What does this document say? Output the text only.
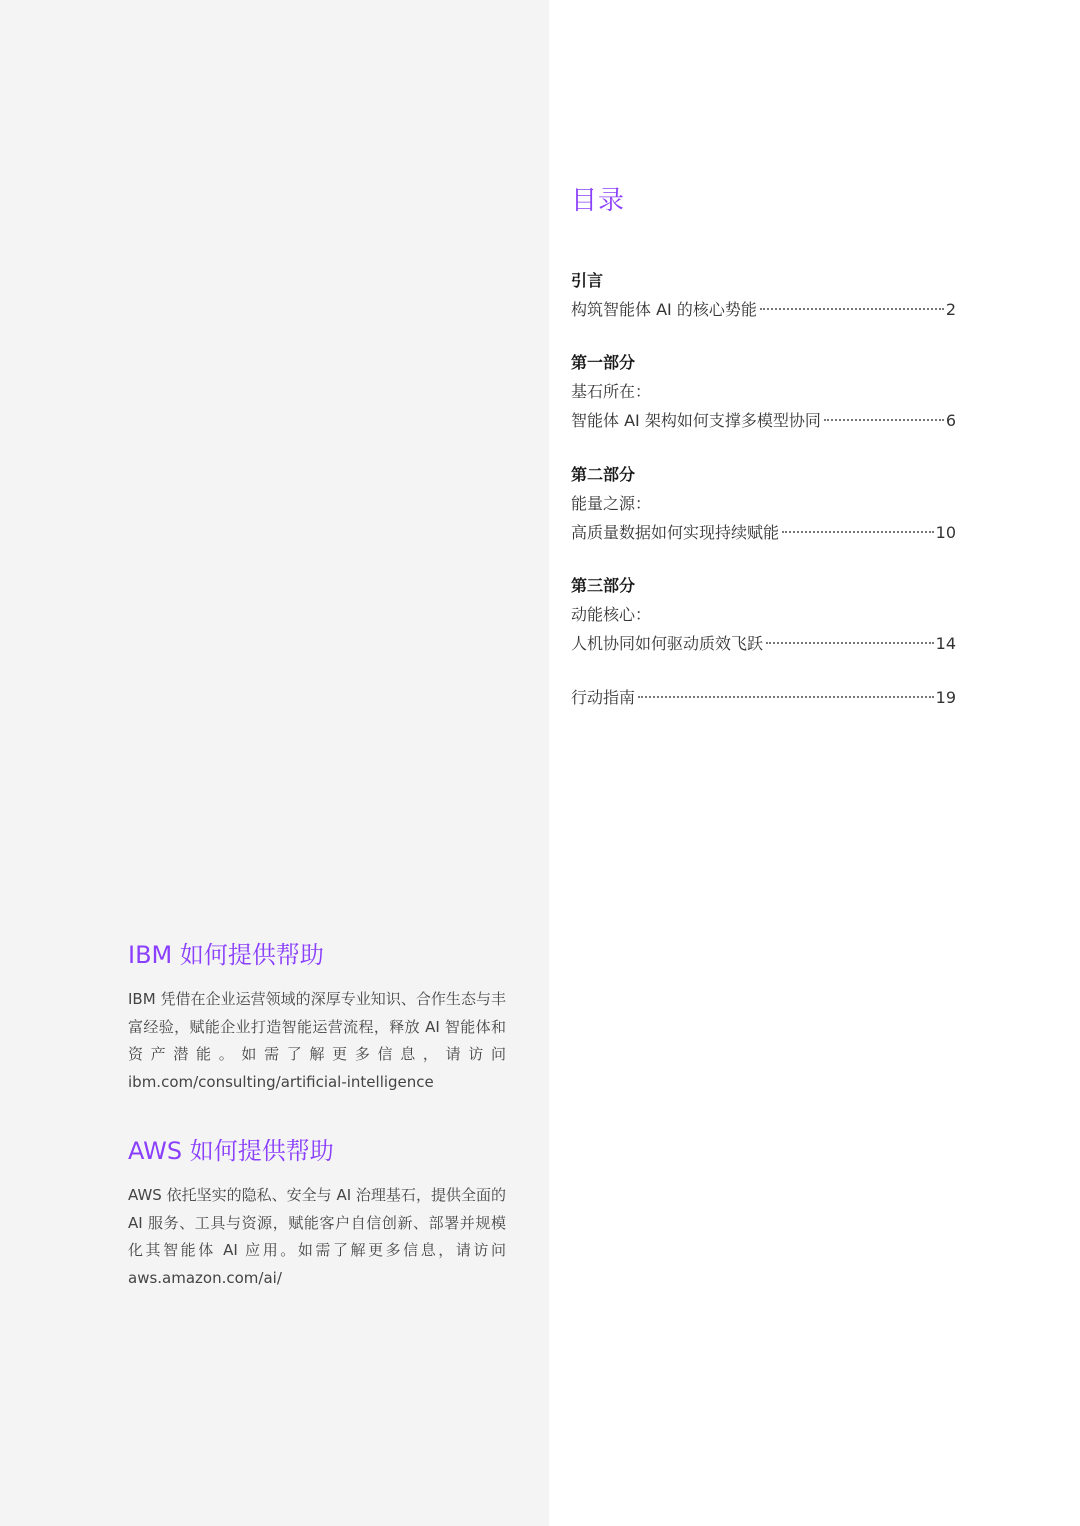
目录
引言
构筑智能体 AI 的核心势能	2
第一部分
基石所在：
智能体 AI 架构如何支撑多模型协同	6
第二部分
能量之源：
高质量数据如何实现持续赋能	10
第三部分
动能核心：
人机协同如何驱动质效飞跃	14
行动指南	19
IBM 如何提供帮助

IBM 凭借在企业运营领域的深厚专业知识、合作生态与丰富经验，赋能企业打造智能运营流程，释放 AI 智能体和资产潜能。如需了解更多信息，请访问ibm.com/consulting/artificial-intelligence

AWS 如何提供帮助

AWS 依托坚实的隐私、安全与 AI 治理基石，提供全面的 AI 服务、工具与资源，赋能客户自信创新、部署并规模化其智能体 AI 应用。如需了解更多信息，请访问 aws.amazon.com/ai/
